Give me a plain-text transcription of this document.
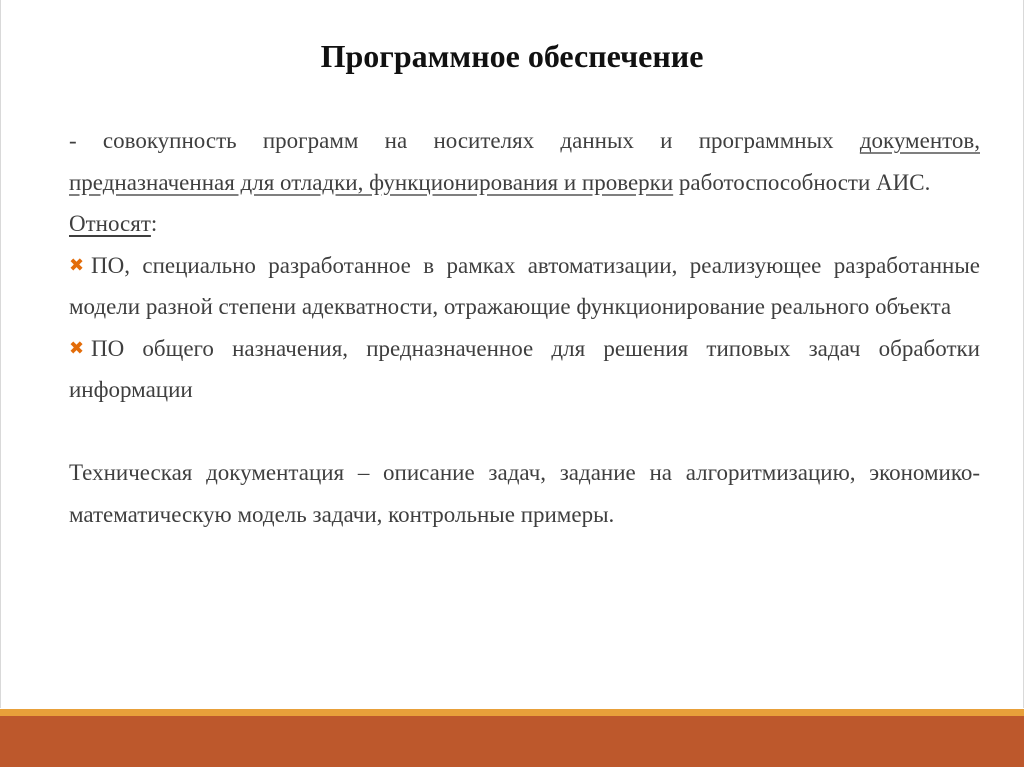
Программное обеспечение

- совокупность программ на носителях данных и программных документов, предназначенная для отладки, функционирования и проверки работоспособности АИС.

Относят:

✖ ПО, специально разработанное в рамках автоматизации, реализующее разработанные модели разной степени адекватности, отражающие функционирование реального объекта

✖ ПО общего назначения, предназначенное для решения типовых задач обработки информации

Техническая документация – описание задач, задание на алгоритмизацию, экономико-математическую модель задачи, контрольные примеры.
